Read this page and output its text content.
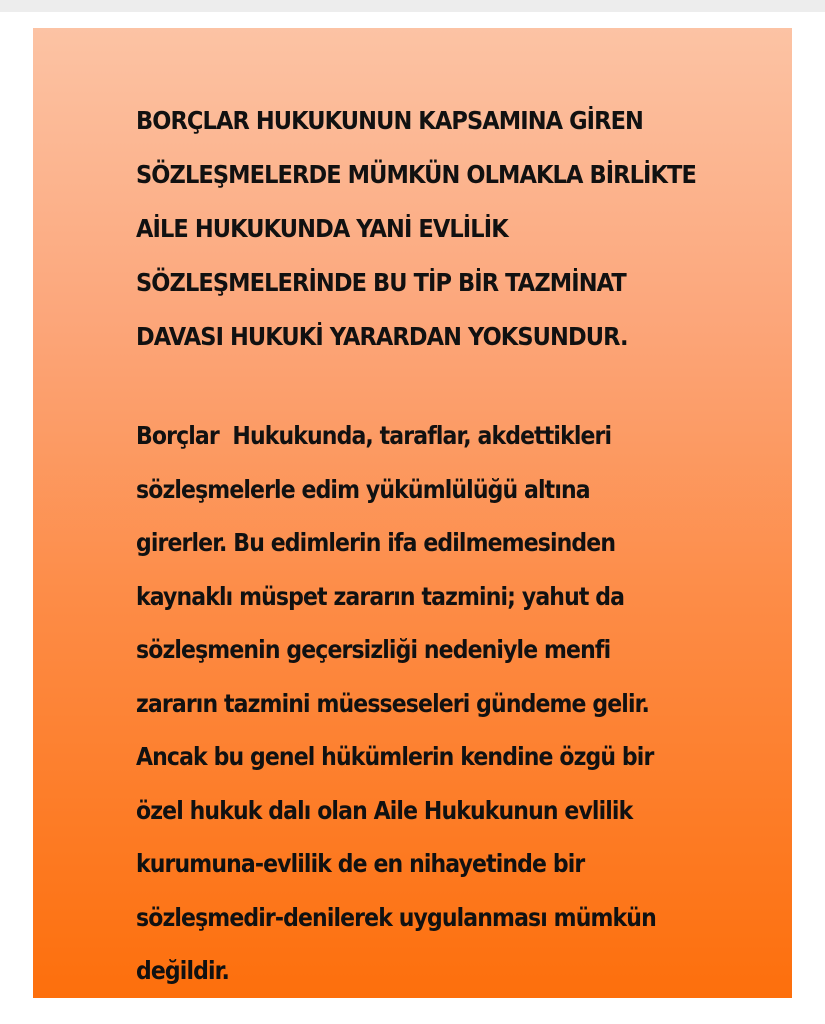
BORÇLAR HUKUKUNUN KAPSAMINA GİREN
SÖZLEŞMELERDE MÜMKÜN OLMAKLA BİRLİKTE
AİLE HUKUKUNDA YANİ EVLİLİK
SÖZLEŞMELERİNDE BU TİP BİR TAZMİNAT
DAVASI HUKUKİ YARARDAN YOKSUNDUR.
Borçlar  Hukukunda, taraflar, akdettikleri
sözleşmelerle edim yükümlülüğü altına
girerler. Bu edimlerin ifa edilmemesinden
kaynaklı müspet zararın tazmini; yahut da
sözleşmenin geçersizliği nedeniyle menfi
zararın tazmini müesseseleri gündeme gelir.
Ancak bu genel hükümlerin kendine özgü bir
özel hukuk dalı olan Aile Hukukunun evlilik
kurumuna-evlilik de en nihayetinde bir
sözleşmedir-denilerek uygulanması mümkün
değildir.
